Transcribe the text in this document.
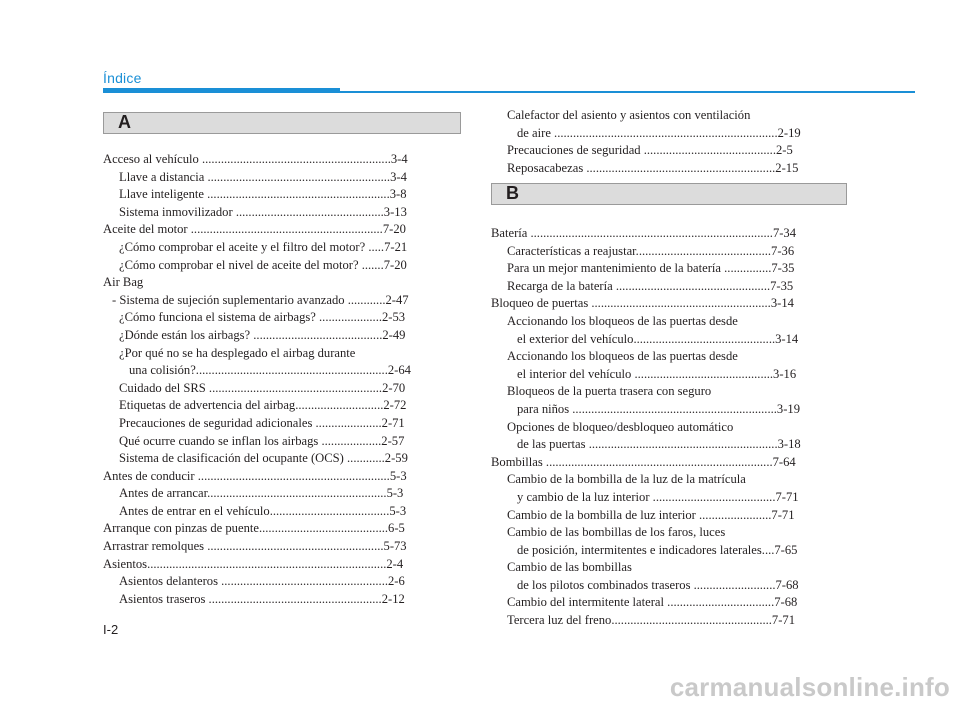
Índice
A
Acceso al vehículo ............................................................3-4
Llave a distancia ..........................................................3-4
Llave inteligente ..........................................................3-8
Sistema inmovilizador ...............................................3-13
Aceite del motor .............................................................7-20
¿Cómo comprobar el aceite y el filtro del motor? .....7-21
¿Cómo comprobar el nivel de aceite del motor? .......7-20
Air Bag
- Sistema de sujeción suplementario avanzado ............2-47
¿Cómo funciona el sistema de airbags? ....................2-53
¿Dónde están los airbags? .........................................2-49
¿Por qué no se ha desplegado el airbag durante
una colisión?.............................................................2-64
Cuidado del SRS .......................................................2-70
Etiquetas de advertencia del airbag............................2-72
Precauciones de seguridad adicionales .....................2-71
Qué ocurre cuando se inflan los airbags ...................2-57
Sistema de clasificación del ocupante (OCS) ............2-59
Antes de conducir .............................................................5-3
Antes de arrancar.........................................................5-3
Antes de entrar en el vehículo......................................5-3
Arranque con pinzas de puente.........................................6-5
Arrastrar remolques ........................................................5-73
Asientos............................................................................2-4
Asientos delanteros .....................................................2-6
Asientos traseros .......................................................2-12
Calefactor del asiento y asientos con ventilación
de aire .......................................................................2-19
Precauciones de seguridad ..........................................2-5
Reposacabezas ............................................................2-15
B
Batería .............................................................................7-34
Características a reajustar...........................................7-36
Para un mejor mantenimiento de la batería ...............7-35
Recarga de la batería .................................................7-35
Bloqueo de puertas .........................................................3-14
Accionando los bloqueos de las puertas desde
el exterior del vehículo.............................................3-14
Accionando los bloqueos de las puertas desde
el interior del vehículo ............................................3-16
Bloqueos de la puerta trasera con seguro
para niños .................................................................3-19
Opciones de bloqueo/desbloqueo automático
de las puertas ............................................................3-18
Bombillas ........................................................................7-64
Cambio de la bombilla de la luz de la matrícula
y cambio de la luz interior .......................................7-71
Cambio de la bombilla de luz interior .......................7-71
Cambio de las bombillas de los faros, luces
de posición, intermitentes e indicadores laterales....7-65
Cambio de las bombillas
de los pilotos combinados traseros ..........................7-68
Cambio del intermitente lateral ..................................7-68
Tercera luz del freno...................................................7-71
I-2
carmanualsonline.info
